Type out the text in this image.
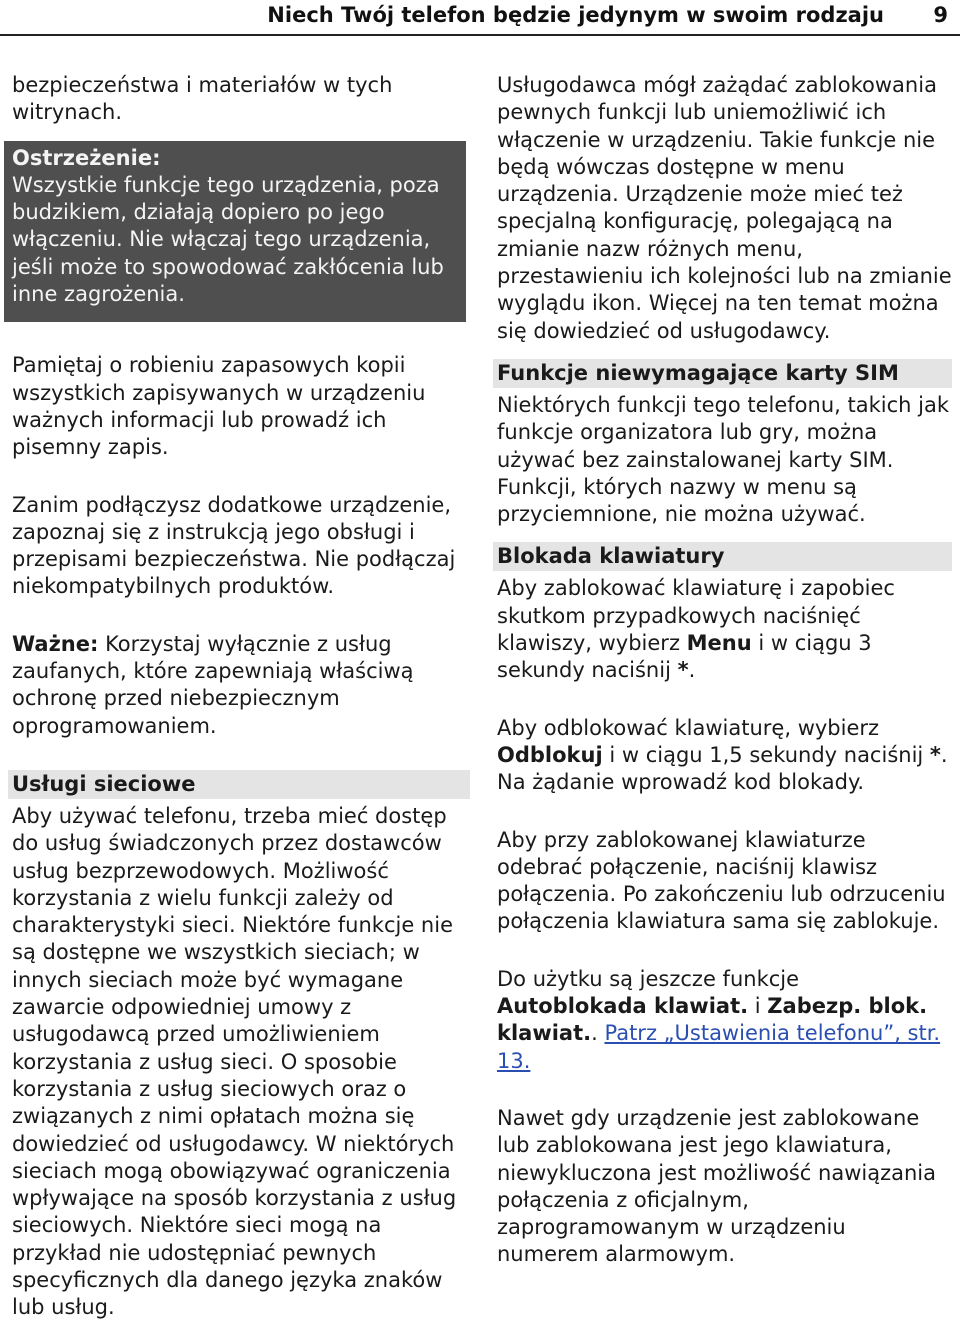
Niech Twój telefon będzie jedynym w swoim rodzaju 9

bezpieczeństwa i materiałów w tych witrynach.

Ostrzeżenie:

Wszystkie funkcje tego urządzenia, poza budzikiem, działają dopiero po jego włączeniu. Nie włączaj tego urządzenia, jeśli może to spowodować zakłócenia lub inne zagrożenia.

Pamiętaj o robieniu zapasowych kopii wszystkich zapisywanych w urządzeniu ważnych informacji lub prowadź ich pisemny zapis.

Zanim podłączysz dodatkowe urządzenie, zapoznaj się z instrukcją jego obsługi i przepisami bezpieczeństwa. Nie podłączaj niekompatybilnych produktów.

Ważne: Korzystaj wyłącznie z usług zaufanych, które zapewniają właściwą ochronę przed niebezpiecznym oprogramowaniem.

Usługi sieciowe

Aby używać telefonu, trzeba mieć dostęp do usług świadczonych przez dostawców usług bezprzewodowych. Możliwość korzystania z wielu funkcji zależy od charakterystyki sieci. Niektóre funkcje nie są dostępne we wszystkich sieciach; w innych sieciach może być wymagane zawarcie odpowiedniej umowy z usługodawcą przed umożliwieniem korzystania z usług sieci. O sposobie korzystania z usług sieciowych oraz o związanych z nimi opłatach można się dowiedzieć od usługodawcy. W niektórych sieciach mogą obowiązywać ograniczenia wpływające na sposób korzystania z usług sieciowych. Niektóre sieci mogą na przykład nie udostępniać pewnych specyficznych dla danego języka znaków lub usług.

Usługodawca mógł zażądać zablokowania pewnych funkcji lub uniemożliwić ich włączenie w urządzeniu. Takie funkcje nie będą wówczas dostępne w menu urządzenia. Urządzenie może mieć też specjalną konfigurację, polegającą na zmianie nazw różnych menu, przestawieniu ich kolejności lub na zmianie wyglądu ikon. Więcej na ten temat można się dowiedzieć od usługodawcy.

Funkcje niewymagające karty SIM

Niektórych funkcji tego telefonu, takich jak funkcje organizatora lub gry, można używać bez zainstalowanej karty SIM. Funkcji, których nazwy w menu są przyciemnione, nie można używać.

Blokada klawiatury

Aby zablokować klawiaturę i zapobiec skutkom przypadkowych naciśnięć klawiszy, wybierz Menu i w ciągu 3 sekundy naciśnij *.

Aby odblokować klawiaturę, wybierz Odblokuj i w ciągu 1,5 sekundy naciśnij *. Na żądanie wprowadź kod blokady.

Aby przy zablokowanej klawiaturze odebrać połączenie, naciśnij klawisz połączenia. Po zakończeniu lub odrzuceniu połączenia klawiatura sama się zablokuje.

Do użytku są jeszcze funkcje Autoblokada klawiat. i Zabezp. blok. klawiat.. Patrz „Ustawienia telefonu”, str. 13.

Nawet gdy urządzenie jest zablokowane lub zablokowana jest jego klawiatura, niewykluczona jest możliwość nawiązania połączenia z oficjalnym, zaprogramowanym w urządzeniu numerem alarmowym.
